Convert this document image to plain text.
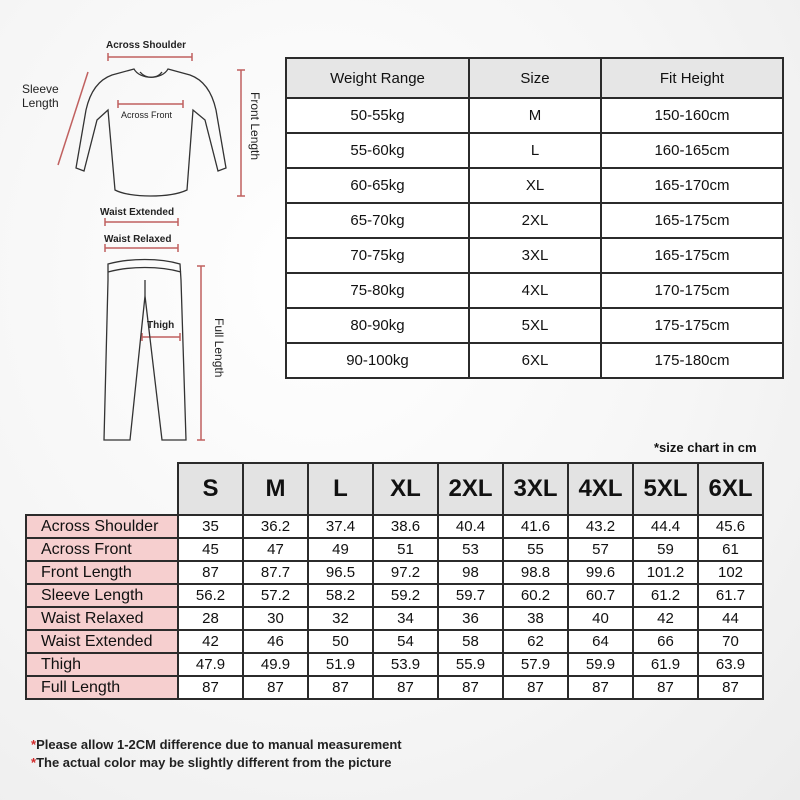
Across Shoulder
Sleeve
Length
Across Front	Front Length
Waist Extended
Waist Relaxed
Thigh	Full Length
Weight Range	Size	Fit Height
50-55kg	M	150-160cm
55-60kg	L	160-165cm
60-65kg	XL	165-170cm
65-70kg	2XL	165-175cm
70-75kg	3XL	165-175cm
75-80kg	4XL	170-175cm
80-90kg	5XL	175-175cm
90-100kg	6XL	175-180cm
*size chart in cm
	S	M	L	XL	2XL	3XL	4XL	5XL	6XL
Across Shoulder	35	36.2	37.4	38.6	40.4	41.6	43.2	44.4	45.6
Across Front	45	47	49	51	53	55	57	59	61
Front Length	87	87.7	96.5	97.2	98	98.8	99.6	101.2	102
Sleeve Length	56.2	57.2	58.2	59.2	59.7	60.2	60.7	61.2	61.7
Waist Relaxed	28	30	32	34	36	38	40	42	44
Waist Extended	42	46	50	54	58	62	64	66	70
Thigh	47.9	49.9	51.9	53.9	55.9	57.9	59.9	61.9	63.9
Full Length	87	87	87	87	87	87	87	87	87
*Please allow 1-2CM difference due to manual measurement
*The actual color may be slightly different from the picture
